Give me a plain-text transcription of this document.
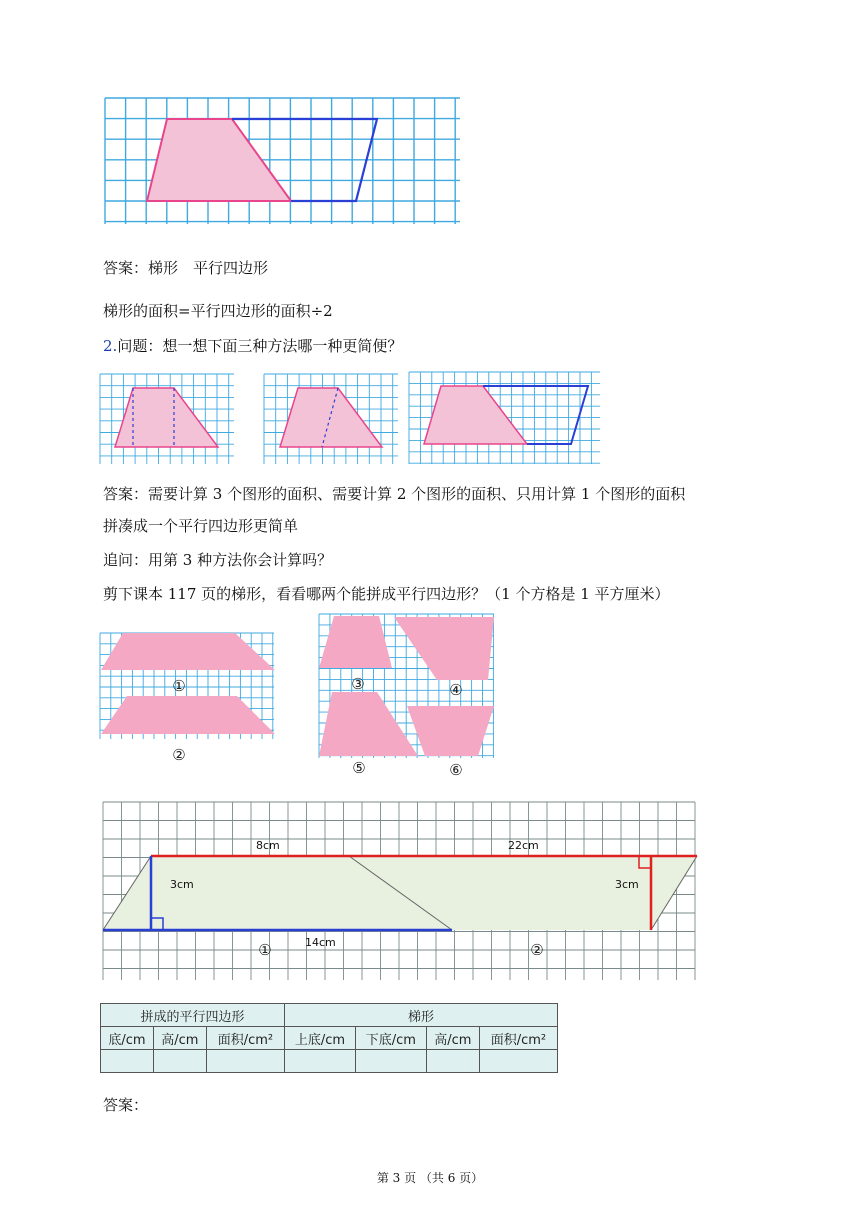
①
②
③	④
⑤	⑥
8cm	22cm
3cm	3cm
14cm
①	②
答案：梯形　平行四边形
梯形的面积=平行四边形的面积÷2
2.问题：想一想下面三种方法哪一种更简便？
答案：需要计算 3 个图形的面积、需要计算 2 个图形的面积、只用计算 1 个图形的面积
拼凑成一个平行四边形更简单
追问：用第 3 种方法你会计算吗？
剪下课本 117 页的梯形，看看哪两个能拼成平行四边形？（1 个方格是 1 平方厘米）
拼成的平行四边形			梯形			
底/cm	高/cm	面积/cm²	上底/cm	下底/cm	高/cm	面积/cm²

答案：
第 3 页 （共 6 页）
